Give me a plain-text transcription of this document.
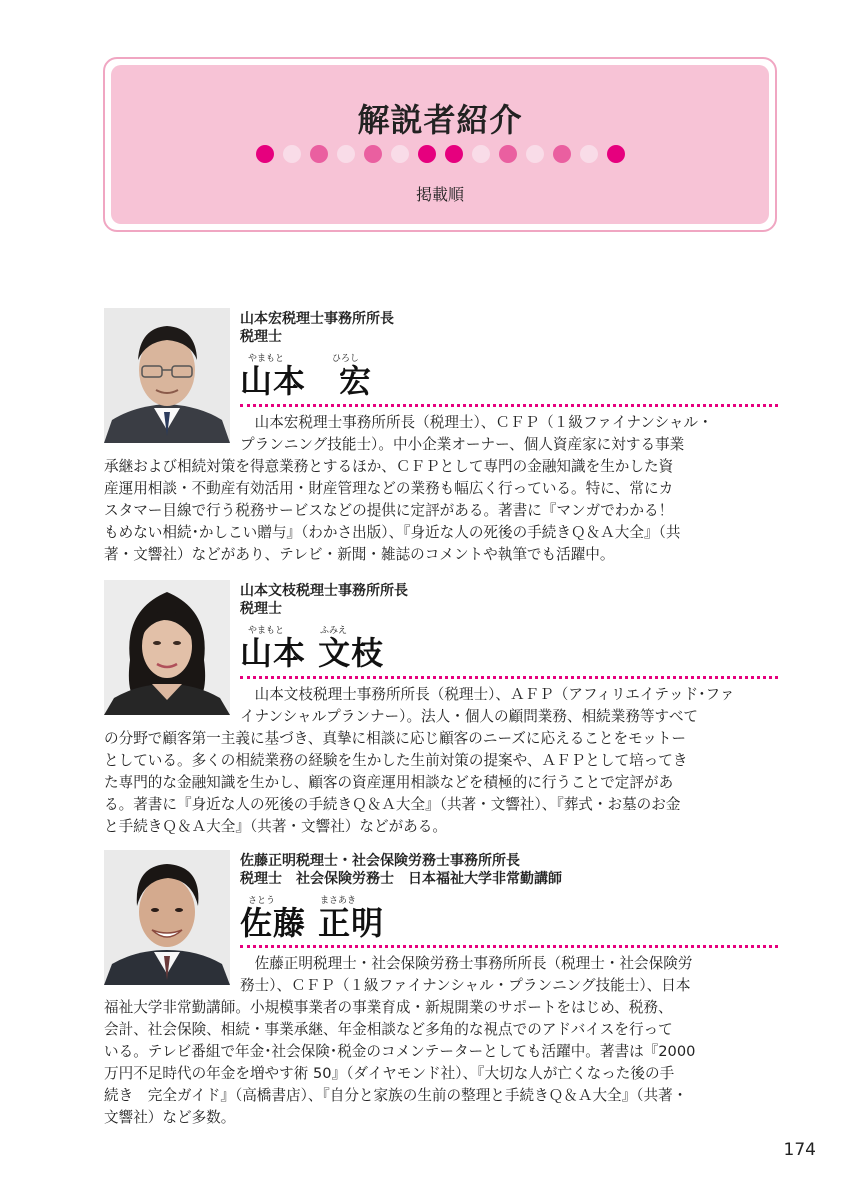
解説者紹介
掲載順
山本宏税理士事務所所長
税理士
やまもと	ひろし
山本　宏

山本宏税理士事務所所長（税理士）、ＣＦＰ（１級ファイナンシャル・

プランニング技能士）。中小企業オーナー、個人資産家に対する事業

承継および相続対策を得意業務とするほか、ＣＦＰとして専門の金融知識を生かした資

産運用相談・不動産有効活用・財産管理などの業務も幅広く行っている。特に、常にカ

スタマー目線で行う税務サービスなどの提供に定評がある。著書に『マンガでわかる！

もめない相続･かしこい贈与』（わかさ出版）、『身近な人の死後の手続きＱ＆Ａ大全』（共

著・文響社）などがあり、テレビ・新聞・雑誌のコメントや執筆でも活躍中。

山本文枝税理士事務所所長
税理士
やまもと	ふみえ
山本 文枝

山本文枝税理士事務所所長（税理士）、ＡＦＰ（アフィリエイテッド･ファ

イナンシャルプランナー）。法人・個人の顧問業務、相続業務等すべて

の分野で顧客第一主義に基づき、真摯に相談に応じ顧客のニーズに応えることをモットー

としている。多くの相続業務の経験を生かした生前対策の提案や、ＡＦＰとして培ってき

た専門的な金融知識を生かし、顧客の資産運用相談などを積極的に行うことで定評があ

る。著書に『身近な人の死後の手続きＱ＆Ａ大全』（共著・文響社）、『葬式・お墓のお金

と手続きＱ＆Ａ大全』（共著・文響社）などがある。

佐藤正明税理士・社会保険労務士事務所所長
税理士　社会保険労務士　日本福祉大学非常勤講師
さとう	まさあき
佐藤 正明

佐藤正明税理士・社会保険労務士事務所所長（税理士・社会保険労

務士）、ＣＦＰ（１級ファイナンシャル・プランニング技能士）、日本

福祉大学非常勤講師。小規模事業者の事業育成・新規開業のサポートをはじめ、税務、

会計、社会保険、相続・事業承継、年金相談など多角的な視点でのアドバイスを行って

いる。テレビ番組で年金･社会保険･税金のコメンテーターとしても活躍中。著書は『2000

万円不足時代の年金を増やす術 50』（ダイヤモンド社）、『大切な人が亡くなった後の手

続き　完全ガイド』（高橋書店）、『自分と家族の生前の整理と手続きＱ＆Ａ大全』（共著・

文響社）など多数。

174
